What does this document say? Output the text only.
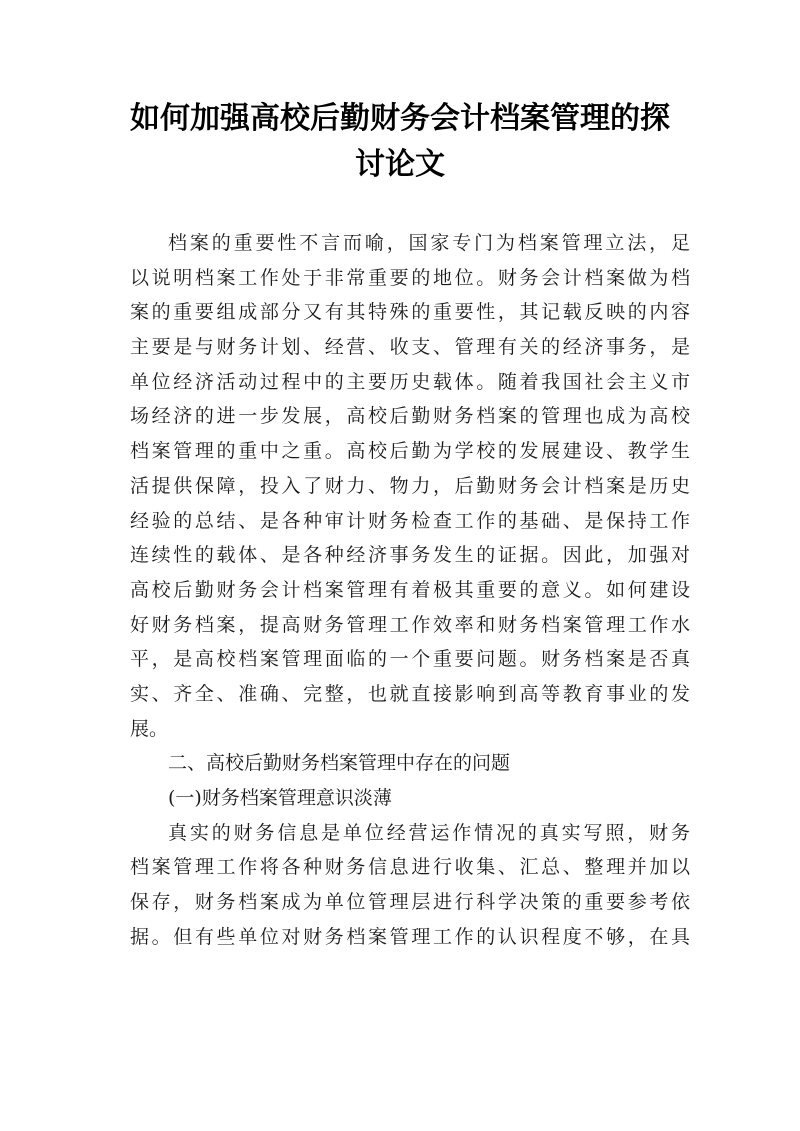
如何加强高校后勤财务会计档案管理的探
讨论文
档案的重要性不言而喻，国家专门为档案管理立法，足
以说明档案工作处于非常重要的地位。财务会计档案做为档
案的重要组成部分又有其特殊的重要性，其记载反映的内容
主要是与财务计划、经营、收支、管理有关的经济事务，是
单位经济活动过程中的主要历史载体。随着我国社会主义市
场经济的进一步发展，高校后勤财务档案的管理也成为高校
档案管理的重中之重。高校后勤为学校的发展建设、教学生
活提供保障，投入了财力、物力，后勤财务会计档案是历史
经验的总结、是各种审计财务检查工作的基础、是保持工作
连续性的载体、是各种经济事务发生的证据。因此，加强对
高校后勤财务会计档案管理有着极其重要的意义。如何建设
好财务档案，提高财务管理工作效率和财务档案管理工作水
平，是高校档案管理面临的一个重要问题。财务档案是否真
实、齐全、准确、完整，也就直接影响到高等教育事业的发
展。
二、高校后勤财务档案管理中存在的问题
(一)财务档案管理意识淡薄
真实的财务信息是单位经营运作情况的真实写照，财务
档案管理工作将各种财务信息进行收集、汇总、整理并加以
保存，财务档案成为单位管理层进行科学决策的重要参考依
据。但有些单位对财务档案管理工作的认识程度不够，在具
